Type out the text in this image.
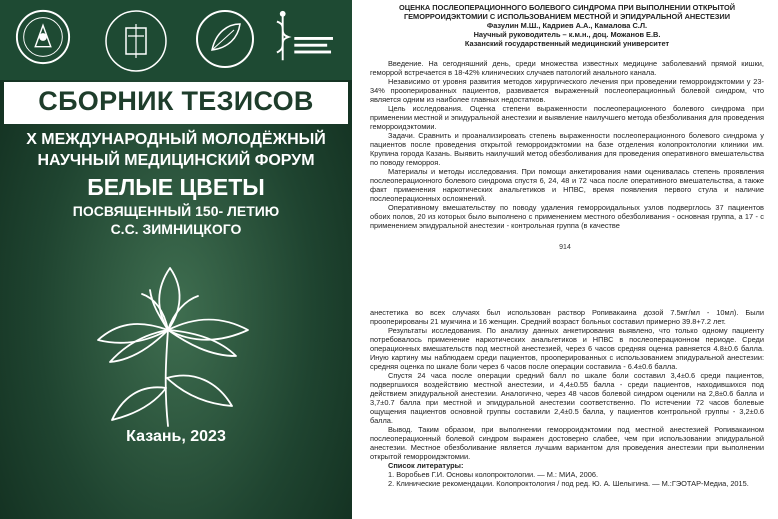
СБОРНИК ТЕЗИСОВ
X МЕЖДУНАРОДНЫЙ МОЛОДЁЖНЫЙ
НАУЧНЫЙ МЕДИЦИНСКИЙ ФОРУМ
БЕЛЫЕ ЦВЕТЫ
ПОСВЯЩЕННЫЙ 150- ЛЕТИЮ
С.С. ЗИМНИЦКОГО
Казань, 2023
ОЦЕНКА ПОСЛЕОПЕРАЦИОННОГО БОЛЕВОГО СИНДРОМА ПРИ ВЫПОЛНЕНИИ ОТКРЫТОЙ
ГЕМОРРОИДЭКТОМИИ С ИСПОЛЬЗОВАНИЕМ МЕСТНОЙ И ЭПИДУРАЛЬНОЙ АНЕСТЕЗИИ
Фазулин М.Ш., Кадриев А.А., Камалова С.Л.
Научный руководитель – к.м.н., доц. Можанов Е.В.
Казанский государственный медицинский университет

Введение. На сегодняшний день, среди множества известных медицине заболеваний прямой кишки, геморрой встречается в 18-42% клинических случаев патологий анального канала.

Независимо от уровня развития методов хирургического лечения при проведении геморроидэктомии у 23-34% прооперированных пациентов, развивается выраженный послеоперационный болевой синдром, что является одним из наиболее главных недостатков.

Цель исследования. Оценка степени выраженности послеоперационного болевого синдрома при применении местной и эпидуральной анестезии и выявление наилучшего метода обезболивания для проведения геморроидэктомии.

Задачи. Сравнить и проанализировать степень выраженности послеоперационного болевого синдрома у пациентов после проведения открытой геморроидэктомии на базе отделения колопроктологии клиники им. Крупина города Казань. Выявить наилучший метод обезболивания для проведения оперативного вмешательства по поводу геморроя.

Материалы и методы исследования. При помощи анкетирования нами оценивалась степень проявления послеоперационного болевого синдрома спустя 6, 24, 48 и 72 часа после оперативного вмешательства, а также факт применения наркотических анальгетиков и НПВС, время появления первого стула и наличие послеоперационных осложнений.

Оперативному вмешательству по поводу удаления геморроидальных узлов подверглось 37 пациентов обоих полов, 20 из которых было выполнено с применением местного обезболивания - основная группа, а 17 - с применением эпидуральной анестезии - контрольная группа (в качестве

914

анестетика во всех случаях был использован раствор Ропивакаина дозой 7.5мг/мл - 10мл). Были прооперированы 21 мужчина и 16 женщин. Средний возраст больных составил примерно 39.8+7.2 лет.

Результаты исследования. По анализу данных анкетирования выявлено, что только одному пациенту потребовалось применение наркотических анальгетиков и НПВС в послеоперационном периоде. Среди операционных вмешательств под местной анестезией, через 6 часов средняя оценка равняется 4.8±0.6 балла. Иную картину мы наблюдаем среди пациентов, прооперированных с использованием эпидуральной анестезии: средняя оценка по шкале боли через 6 часов после операции составила - 6.4±0.6 балла.

Спустя 24 часа после операции средний балл по шкале боли составил 3,4±0.6 среди пациентов, подвергшихся воздействию местной анестезии, и 4,4±0.55 балла - среди пациентов, находившихся под действием эпидуральной анестезии. Аналогично, через 48 часов болевой синдром оценили на 2,8±0.6 балла и 3,7±0.7 балла при местной и эпидуральной анестезии соответственно. По истечении 72 часов болевые ощущения пациентов основной группы составили 2,4±0.5 балла, у пациентов контрольной группы - 3,2±0.6 балла.

Вывод. Таким образом, при выполнении геморроидэктомии под местной анестезией Ропивакаином послеоперационный болевой синдром выражен достоверно слабее, чем при использовании эпидуральной анестезии. Местное обезболивание является лучшим вариантом для проведения анестезии при выполнении открытой геморроидэктомии.

Список литературы:
1. Воробьев Г.И. Основы колопроктологии. — М.: МИА, 2006.
2. Клинические рекомендации. Колопроктология / под ред. Ю. А. Шелыгина. — М.:ГЭОТАР-Медиа, 2015.
